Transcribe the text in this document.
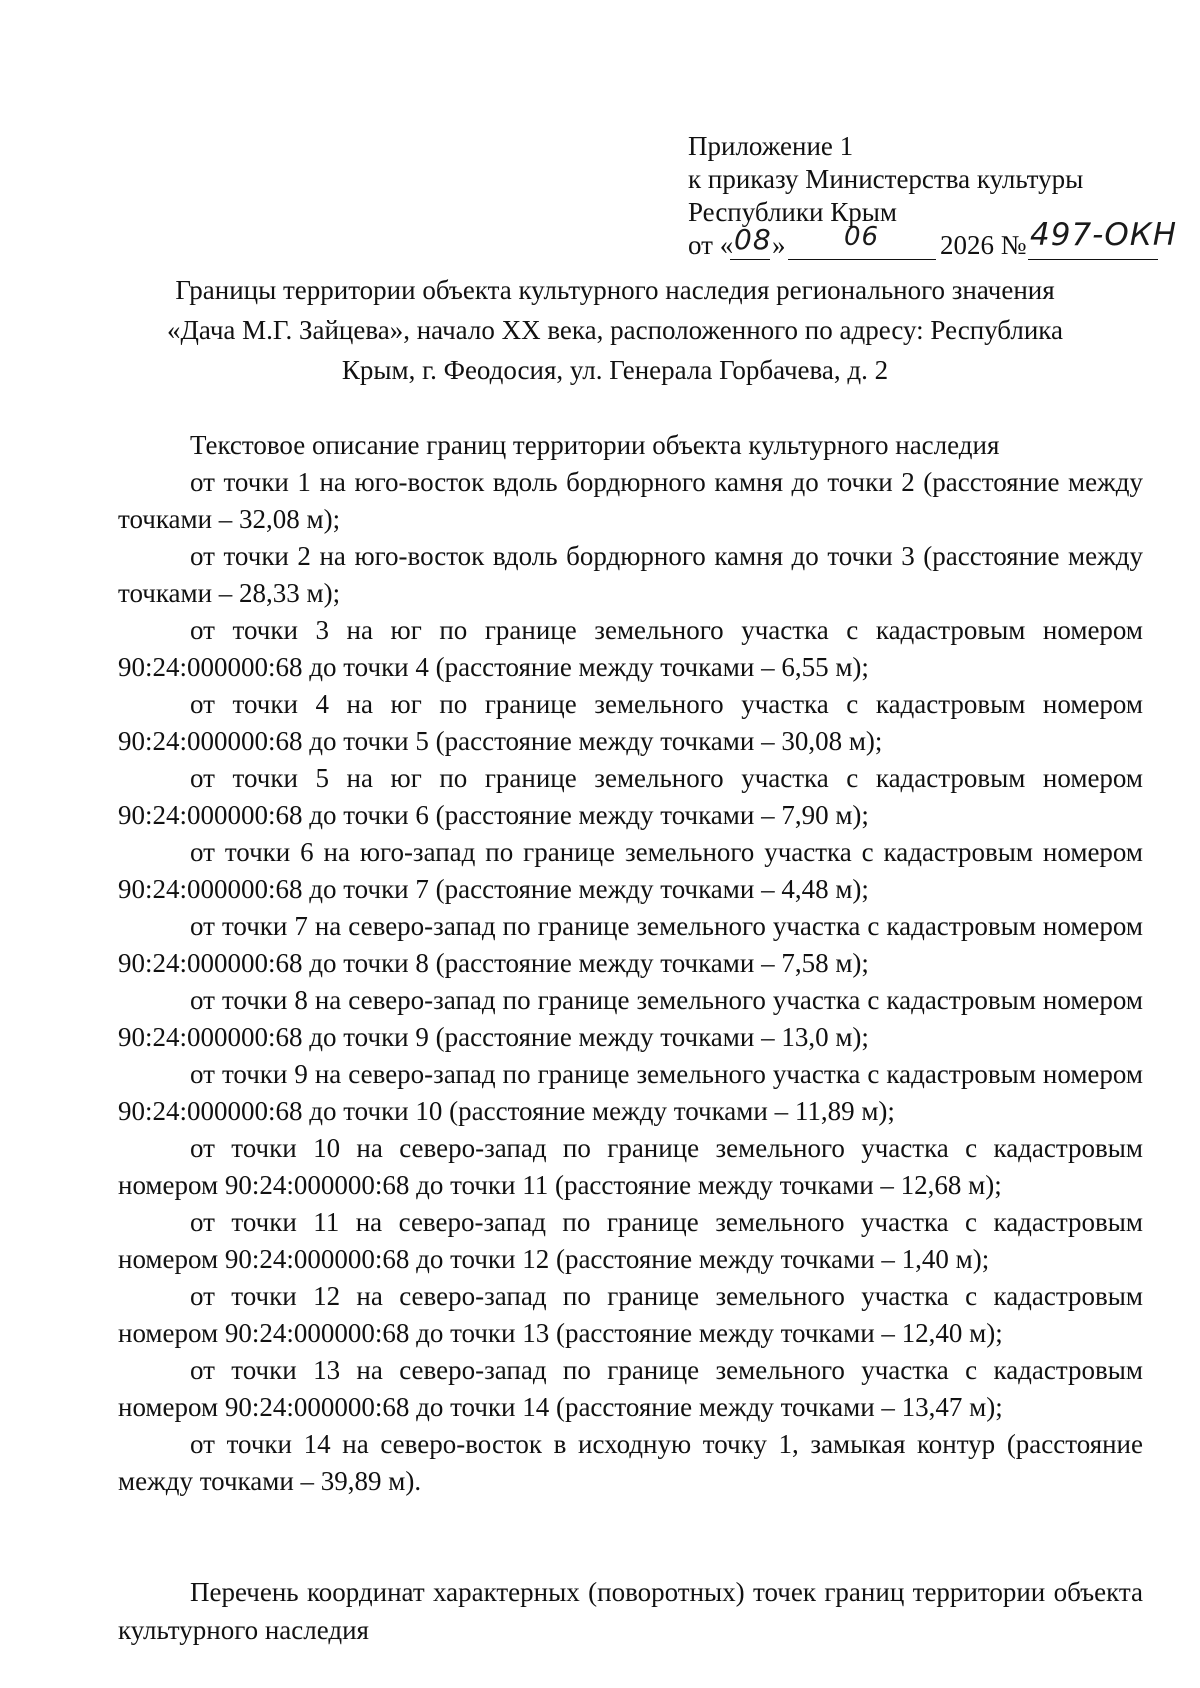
Приложение 1
к приказу Министерства культуры
Республики Крым
от « 08 » 06 2026 № 497-ОКН
Границы территории объекта культурного наследия регионального значения
«Дача М.Г. Зайцева», начало XX века, расположенного по адресу: Республика
Крым, г. Феодосия, ул. Генерала Горбачева, д. 2
Текстовое описание границ территории объекта культурного наследия
от точки 1 на юго-восток вдоль бордюрного камня до точки 2 (расстояние между точками – 32,08 м);
от точки 2 на юго-восток вдоль бордюрного камня до точки 3 (расстояние между точками – 28,33 м);
от точки 3 на юг по границе земельного участка с кадастровым номером 90:24:000000:68 до точки 4 (расстояние между точками – 6,55 м);
от точки 4 на юг по границе земельного участка с кадастровым номером 90:24:000000:68 до точки 5 (расстояние между точками – 30,08 м);
от точки 5 на юг по границе земельного участка с кадастровым номером 90:24:000000:68 до точки 6 (расстояние между точками – 7,90 м);
от точки 6 на юго-запад по границе земельного участка с кадастровым номером 90:24:000000:68 до точки 7 (расстояние между точками – 4,48 м);
от точки 7 на северо-запад по границе земельного участка с кадастровым номером 90:24:000000:68 до точки 8 (расстояние между точками – 7,58 м);
от точки 8 на северо-запад по границе земельного участка с кадастровым номером 90:24:000000:68 до точки 9 (расстояние между точками – 13,0 м);
от точки 9 на северо-запад по границе земельного участка с кадастровым номером 90:24:000000:68 до точки 10 (расстояние между точками – 11,89 м);
от точки 10 на северо-запад по границе земельного участка с кадастровым номером 90:24:000000:68 до точки 11 (расстояние между точками – 12,68 м);
от точки 11 на северо-запад по границе земельного участка с кадастровым номером 90:24:000000:68 до точки 12 (расстояние между точками – 1,40 м);
от точки 12 на северо-запад по границе земельного участка с кадастровым номером 90:24:000000:68 до точки 13 (расстояние между точками – 12,40 м);
от точки 13 на северо-запад по границе земельного участка с кадастровым номером 90:24:000000:68 до точки 14 (расстояние между точками – 13,47 м);
от точки 14 на северо-восток в исходную точку 1, замыкая контур (расстояние между точками – 39,89 м).
Перечень координат характерных (поворотных) точек границ территории объекта культурного наследия
